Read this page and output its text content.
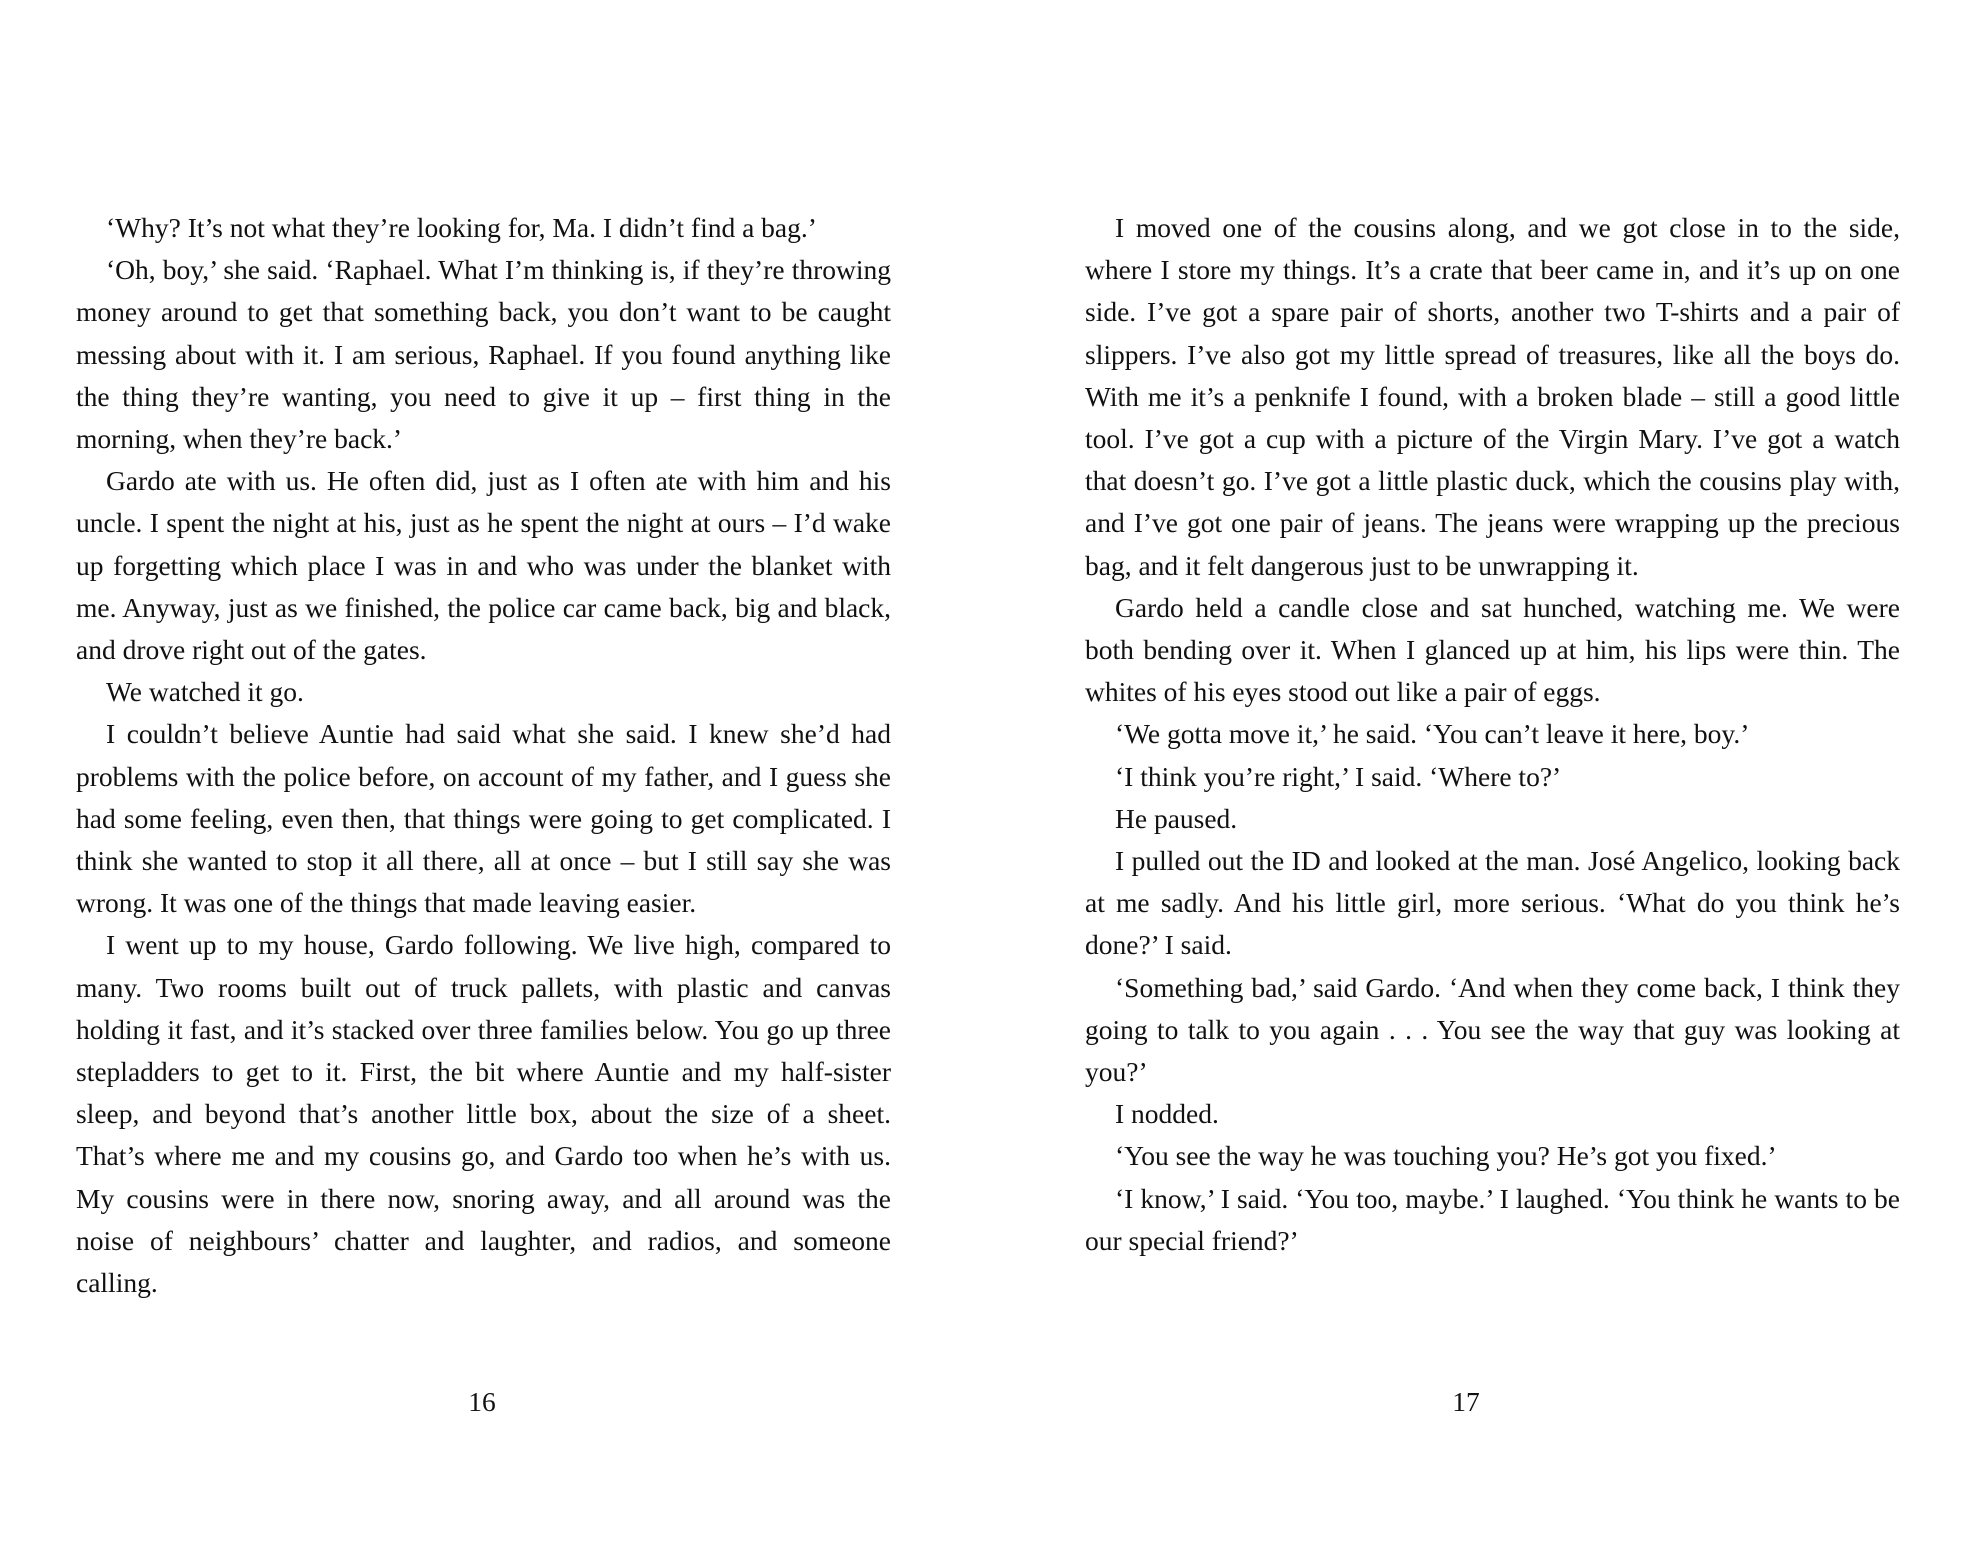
‘Why? It’s not what they’re looking for, Ma. I didn’t find a bag.’

‘Oh, boy,’ she said. ‘Raphael. What I’m thinking is, if they’re throwing money around to get that something back, you don’t want to be caught messing about with it. I am serious, Raphael. If you found anything like the thing they’re wanting, you need to give it up – first thing in the morning, when they’re back.’

Gardo ate with us. He often did, just as I often ate with him and his uncle. I spent the night at his, just as he spent the night at ours – I’d wake up forgetting which place I was in and who was under the blanket with me. Anyway, just as we finished, the police car came back, big and black, and drove right out of the gates.

We watched it go.

I couldn’t believe Auntie had said what she said. I knew she’d had problems with the police before, on account of my father, and I guess she had some feeling, even then, that things were going to get complicated. I think she wanted to stop it all there, all at once – but I still say she was wrong. It was one of the things that made leaving easier.

I went up to my house, Gardo following. We live high, compared to many. Two rooms built out of truck pallets, with plastic and canvas holding it fast, and it’s stacked over three families below. You go up three stepladders to get to it. First, the bit where Auntie and my half-sister sleep, and beyond that’s another little box, about the size of a sheet. That’s where me and my cousins go, and Gardo too when he’s with us. My cousins were in there now, snoring away, and all around was the noise of neighbours’ chatter and laughter, and radios, and someone calling.

16

I moved one of the cousins along, and we got close in to the side, where I store my things. It’s a crate that beer came in, and it’s up on one side. I’ve got a spare pair of shorts, another two T-shirts and a pair of slippers. I’ve also got my little spread of treasures, like all the boys do. With me it’s a penknife I found, with a broken blade – still a good little tool. I’ve got a cup with a picture of the Virgin Mary. I’ve got a watch that doesn’t go. I’ve got a little plastic duck, which the cousins play with, and I’ve got one pair of jeans. The jeans were wrapping up the precious bag, and it felt dangerous just to be unwrapping it.

Gardo held a candle close and sat hunched, watching me. We were both bending over it. When I glanced up at him, his lips were thin. The whites of his eyes stood out like a pair of eggs.

‘We gotta move it,’ he said. ‘You can’t leave it here, boy.’

‘I think you’re right,’ I said. ‘Where to?’

He paused.

I pulled out the ID and looked at the man. José Angelico, looking back at me sadly. And his little girl, more serious. ‘What do you think he’s done?’ I said.

‘Something bad,’ said Gardo. ‘And when they come back, I think they going to talk to you again . . . You see the way that guy was looking at you?’

I nodded.

‘You see the way he was touching you? He’s got you fixed.’

‘I know,’ I said. ‘You too, maybe.’ I laughed. ‘You think he wants to be our special friend?’

17
